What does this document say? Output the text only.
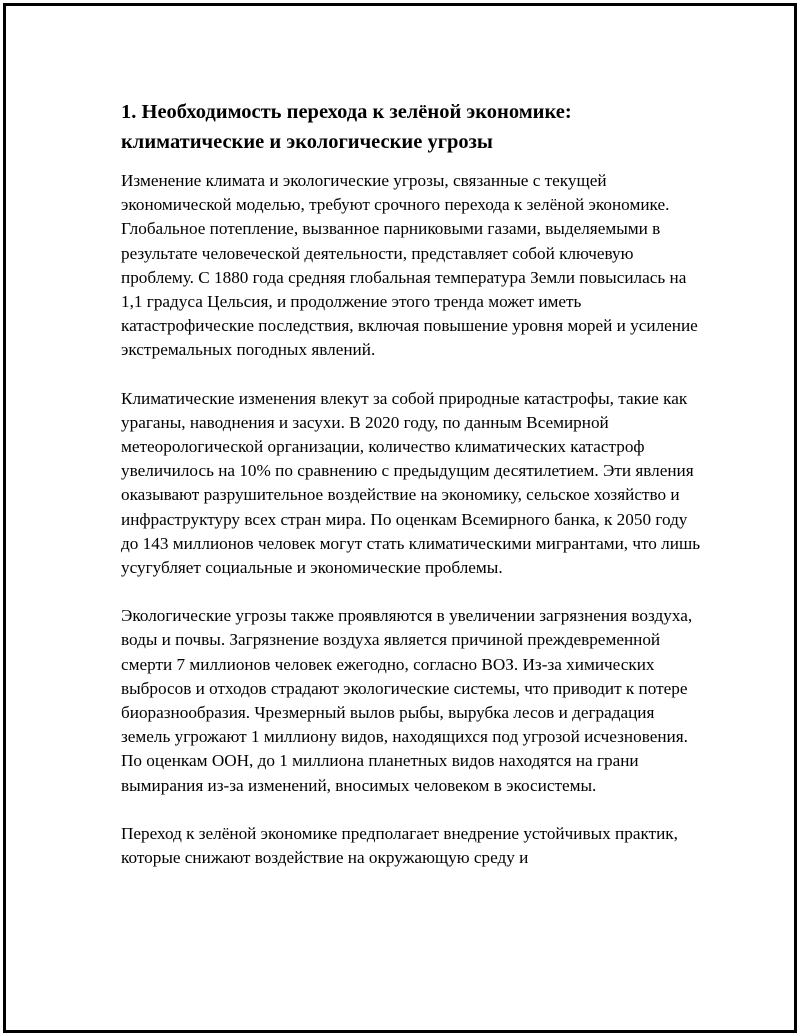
1. Необходимость перехода к зелёной экономике: климатические и экологические угрозы

Изменение климата и экологические угрозы, связанные с текущей экономической моделью, требуют срочного перехода к зелёной экономике. Глобальное потепление, вызванное парниковыми газами, выделяемыми в результате человеческой деятельности, представляет собой ключевую проблему. С 1880 года средняя глобальная температура Земли повысилась на 1,1 градуса Цельсия, и продолжение этого тренда может иметь катастрофические последствия, включая повышение уровня морей и усиление экстремальных погодных явлений.

Климатические изменения влекут за собой природные катастрофы, такие как ураганы, наводнения и засухи. В 2020 году, по данным Всемирной метеорологической организации, количество климатических катастроф увеличилось на 10% по сравнению с предыдущим десятилетием. Эти явления оказывают разрушительное воздействие на экономику, сельское хозяйство и инфраструктуру всех стран мира. По оценкам Всемирного банка, к 2050 году до 143 миллионов человек могут стать климатическими мигрантами, что лишь усугубляет социальные и экономические проблемы.

Экологические угрозы также проявляются в увеличении загрязнения воздуха, воды и почвы. Загрязнение воздуха является причиной преждевременной смерти 7 миллионов человек ежегодно, согласно ВОЗ. Из-за химических выбросов и отходов страдают экологические системы, что приводит к потере биоразнообразия. Чрезмерный вылов рыбы, вырубка лесов и деградация земель угрожают 1 миллиону видов, находящихся под угрозой исчезновения. По оценкам ООН, до 1 миллиона планетных видов находятся на грани вымирания из-за изменений, вносимых человеком в экосистемы.

Переход к зелёной экономике предполагает внедрение устойчивых практик, которые снижают воздействие на окружающую среду и
